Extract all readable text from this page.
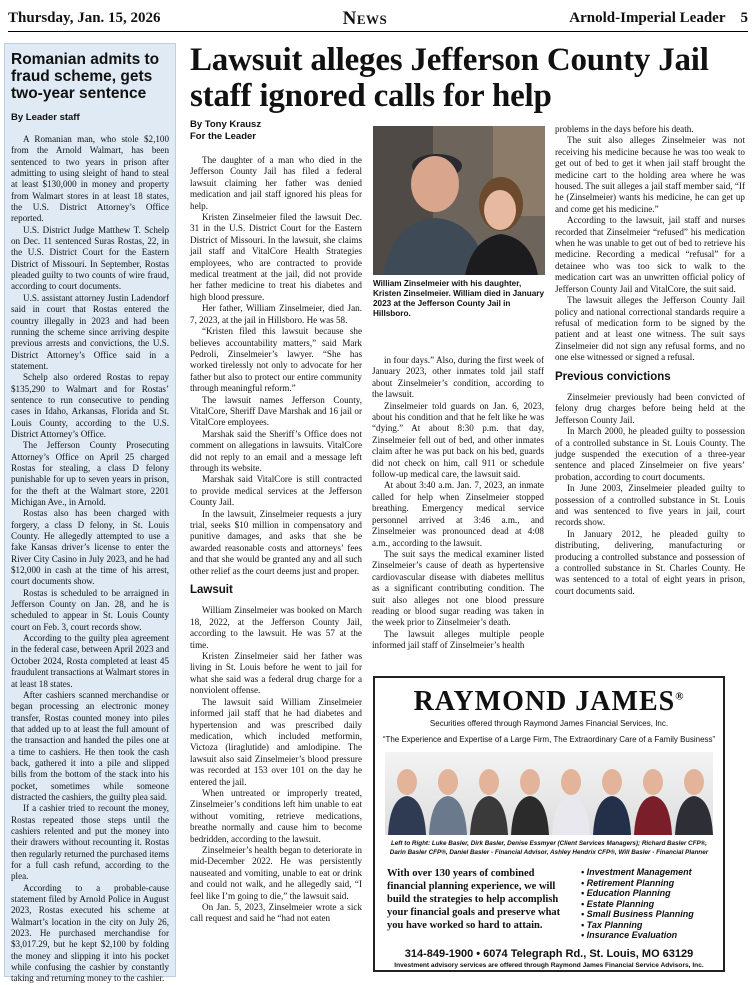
Thursday, Jan. 15, 2026	News	Arnold-Imperial Leader 5
Romanian admits to fraud scheme, gets two-year sentence
By Leader staff

A Romanian man, who stole $2,100 from the Arnold Walmart, has been sentenced to two years in prison after admitting to using sleight of hand to steal at least $130,000 in money and property from Walmart stores in at least 18 states, the U.S. District Attorney’s Office reported.

U.S. District Judge Matthew T. Schelp on Dec. 11 sentenced Suras Rostas, 22, in the U.S. District Court for the Eastern District of Missouri. In September, Rostas pleaded guilty to two counts of wire fraud, according to court documents.

U.S. assistant attorney Justin Ladendorf said in court that Rostas entered the country illegally in 2023 and had been running the scheme since arriving despite previous arrests and convictions, the U.S. District Attorney’s Office said in a statement.

Schelp also ordered Rostas to repay $135,290 to Walmart and for Rostas’ sentence to run consecutive to pending cases in Idaho, Arkansas, Florida and St. Louis County, according to the U.S. District Attorney’s Office.

The Jefferson County Prosecuting Attorney’s Office on April 25 charged Rostas for stealing, a class D felony punishable for up to seven years in prison, for the theft at the Walmart store, 2201 Michigan Ave., in Arnold.

Rostas also has been charged with forgery, a class D felony, in St. Louis County. He allegedly attempted to use a fake Kansas driver’s license to enter the River City Casino in July 2023, and he had $12,000 in cash at the time of his arrest, court documents show.

Rostas is scheduled to be arraigned in Jefferson County on Jan. 28, and he is scheduled to appear in St. Louis County court on Feb. 3, court records show.

According to the guilty plea agreement in the federal case, between April 2023 and October 2024, Rosta completed at least 45 fraudulent transactions at Walmart stores in at least 18 states.

After cashiers scanned merchandise or began processing an electronic money transfer, Rostas counted money into piles that added up to at least the full amount of the transaction and handed the piles one at a time to cashiers. He then took the cash back, gathered it into a pile and slipped bills from the bottom of the stack into his pocket, sometimes while someone distracted the cashiers, the guilty plea said.

If a cashier tried to recount the money, Rostas repeated those steps until the cashiers relented and put the money into their drawers without recounting it. Rostas then regularly returned the purchased items for a full cash refund, according to the plea.

According to a probable-cause statement filed by Arnold Police in August 2023, Rostas executed his scheme at Walmart’s location in the city on July 26, 2023. He purchased merchandise for $3,017.29, but he kept $2,100 by folding the money and slipping it into his pocket while confusing the cashier by constantly taking and returning money to the cashier.

Lawsuit alleges Jefferson County Jail staff ignored calls for help
By Tony Krausz
For the Leader

The daughter of a man who died in the Jefferson County Jail has filed a federal lawsuit claiming her father was denied medication and jail staff ignored his pleas for help.

Kristen Zinselmeier filed the lawsuit Dec. 31 in the U.S. District Court for the Eastern District of Missouri. In the lawsuit, she claims jail staff and VitalCore Health Strategies employees, who are contracted to provide medical treatment at the jail, did not provide her father medicine to treat his diabetes and high blood pressure.

Her father, William Zinselmeier, died Jan. 7, 2023, at the jail in Hillsboro. He was 58.

“Kristen filed this lawsuit because she believes accountability matters,” said Mark Pedroli, Zinselmeier’s lawyer. “She has worked tirelessly not only to advocate for her father but also to protect our entire community through meaningful reform.”

The lawsuit names Jefferson County, VitalCore, Sheriff Dave Marshak and 16 jail or VitalCore employees.

Marshak said the Sheriff’s Office does not comment on allegations in lawsuits. VitalCore did not reply to an email and a message left through its website.

Marshak said VitalCore is still contracted to provide medical services at the Jefferson County Jail.

In the lawsuit, Zinselmeier requests a jury trial, seeks $10 million in compensatory and punitive damages, and asks that she be awarded reasonable costs and attorneys’ fees and that she would be granted any and all such other relief as the court deems just and proper.

Lawsuit

William Zinselmeier was booked on March 18, 2022, at the Jefferson County Jail, according to the lawsuit. He was 57 at the time.

Kristen Zinselmeier said her father was living in St. Louis before he went to jail for what she said was a federal drug charge for a nonviolent offense.

The lawsuit said William Zinselmeier informed jail staff that he had diabetes and hypertension and was prescribed daily medication, which included metformin, Victoza (liraglutide) and amlodipine. The lawsuit also said Zinselmeier’s blood pressure was recorded at 153 over 101 on the day he entered the jail.

When untreated or improperly treated, Zinselmeier’s conditions left him unable to eat without vomiting, retrieve medications, breathe normally and cause him to become bedridden, according to the lawsuit.

Zinselmeier’s health began to deteriorate in mid-December 2022. He was persistently nauseated and vomiting, unable to eat or drink and could not walk, and he allegedly said, “I feel like I’m going to die,” the lawsuit said.

On Jan. 5, 2023, Zinselmeier wrote a sick call request and said he “had not eaten

William Zinselmeier with his daughter, Kristen Zinselmeier. William died in January 2023 at the Jefferson County Jail in Hillsboro.

in four days.” Also, during the first week of January 2023, other inmates told jail staff about Zinselmeier’s condition, according to the lawsuit.

Zinselmeier told guards on Jan. 6, 2023, about his condition and that he felt like he was “dying.” At about 8:30 p.m. that day, Zinselmeier fell out of bed, and other inmates claim after he was put back on his bed, guards did not check on him, call 911 or schedule follow-up medical care, the lawsuit said.

At about 3:40 a.m. Jan. 7, 2023, an inmate called for help when Zinselmeier stopped breathing. Emergency medical service personnel arrived at 3:46 a.m., and Zinselmeier was pronounced dead at 4:08 a.m., according to the lawsuit.

The suit says the medical examiner listed Zinselmeier’s cause of death as hypertensive cardiovascular disease with diabetes mellitus as a significant contributing condition. The suit also alleges not one blood pressure reading or blood sugar reading was taken in the week prior to Zinselmeier’s death.

The lawsuit alleges multiple people informed jail staff of Zinselmeier’s health

problems in the days before his death.

The suit also alleges Zinselmeier was not receiving his medicine because he was too weak to get out of bed to get it when jail staff brought the medicine cart to the holding area where he was housed. The suit alleges a jail staff member said, “If he (Zinselmeier) wants his medicine, he can get up and come get his medicine.”

According to the lawsuit, jail staff and nurses recorded that Zinselmeier “refused” his medication when he was unable to get out of bed to retrieve his medicine. Recording a medical “refusal” for a detainee who was too sick to walk to the medication cart was an unwritten official policy of Jefferson County Jail and VitalCore, the suit said.

The lawsuit alleges the Jefferson County Jail policy and national correctional standards require a refusal of medication form to be signed by the patient and at least one witness. The suit says Zinselmeier did not sign any refusal forms, and no one else witnessed or signed a refusal.

Previous convictions

Zinselmeier previously had been convicted of felony drug charges before being held at the Jefferson County Jail.

In March 2000, he pleaded guilty to possession of a controlled substance in St. Louis County. The judge suspended the execution of a three-year sentence and placed Zinselmeier on five years’ probation, according to court documents.

In June 2003, Zinselmeier pleaded guilty to possession of a controlled substance in St. Louis and was sentenced to five years in jail, court records show.

In January 2012, he pleaded guilty to distributing, delivering, manufacturing or producing a controlled substance and possession of a controlled substance in St. Charles County. He was sentenced to a total of eight years in prison, court documents said.

RAYMOND JAMES®
Securities offered through Raymond James Financial Services, Inc.
“The Experience and Expertise of a Large Firm, The Extraordinary Care of a Family Business”
Left to Right: Luke Basler, Dirk Basler, Denise Essmyer (Client Services Managers); Richard Basler CFP®, Darin Basler CFP®, Daniel Basler - Financial Advisor, Ashley Hendrix CFP®, Will Basler - Financial Planner
With over 130 years of combined financial planning experience, we will build the strategies to help accomplish your financial goals and preserve what you have worked so hard to attain.
• Investment Management
• Retirement Planning
• Education Planning
• Estate Planning
• Small Business Planning
• Tax Planning
• Insurance Evaluation
314-849-1900 • 6074 Telegraph Rd., St. Louis, MO 63129
Investment advisory services are offered through Raymond James Financial Service Advisors, Inc.
